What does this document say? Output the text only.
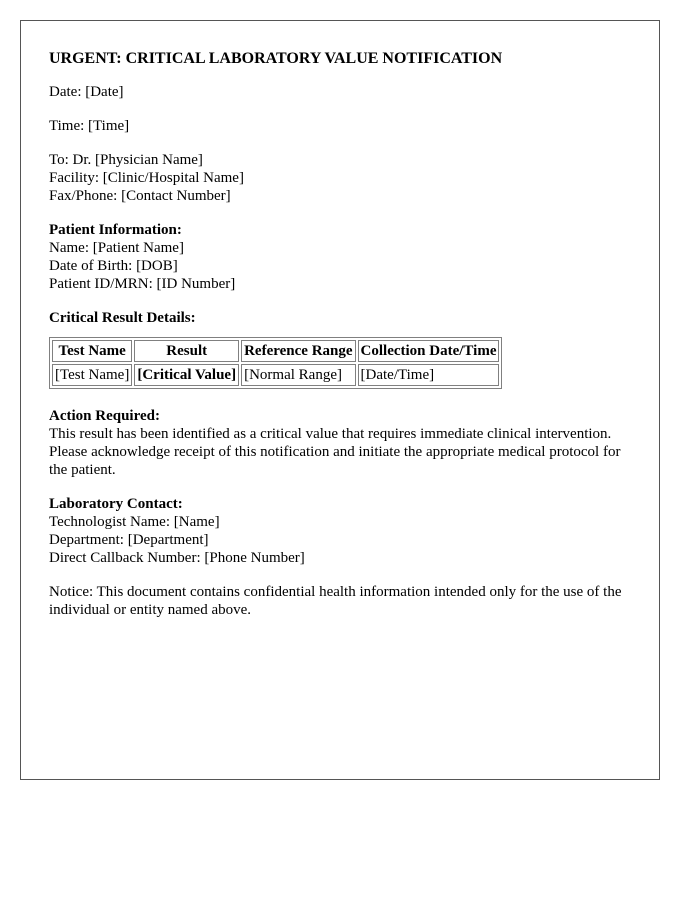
URGENT: CRITICAL LABORATORY VALUE NOTIFICATION
Date: [Date]
Time: [Time]
To: Dr. [Physician Name]
Facility: [Clinic/Hospital Name]
Fax/Phone: [Contact Number]
Patient Information:
Name: [Patient Name]
Date of Birth: [DOB]
Patient ID/MRN: [ID Number]
Critical Result Details:
Test Name	Result	Reference Range	Collection Date/Time
[Test Name]	[Critical Value]	[Normal Range]	[Date/Time]
Action Required:
This result has been identified as a critical value that requires immediate clinical intervention. Please acknowledge receipt of this notification and initiate the appropriate medical protocol for the patient.
Laboratory Contact:
Technologist Name: [Name]
Department: [Department]
Direct Callback Number: [Phone Number]
Notice: This document contains confidential health information intended only for the use of the individual or entity named above.
